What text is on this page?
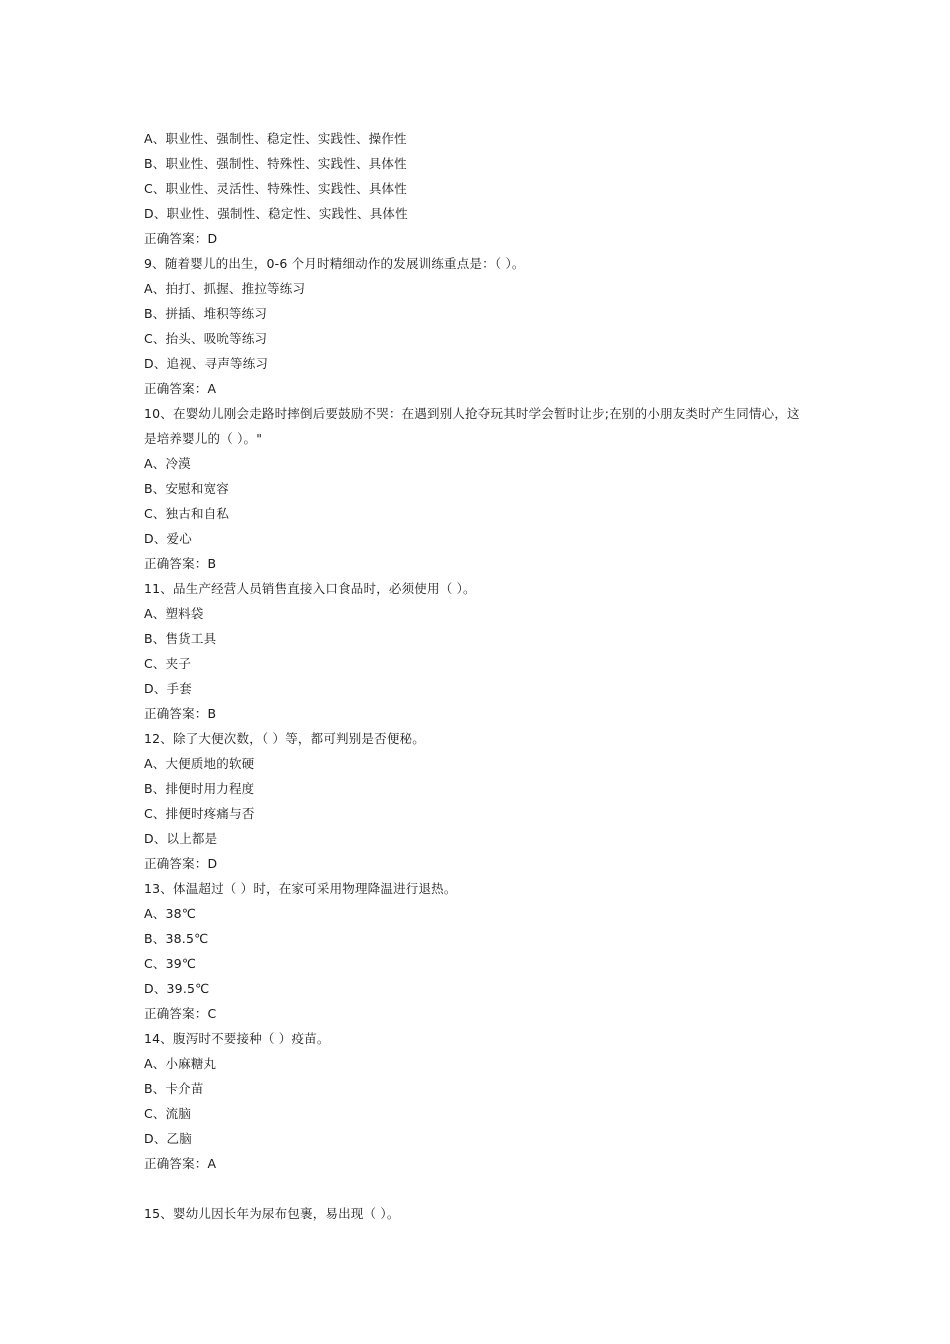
A、职业性、强制性、稳定性、实践性、操作性
B、职业性、强制性、特殊性、实践性、具体性
C、职业性、灵活性、特殊性、实践性、具体性
D、职业性、强制性、稳定性、实践性、具体性
正确答案：D
9、随着婴儿的出生，0-6 个月时精细动作的发展训练重点是：（ ）。
A、拍打、抓握、推拉等练习
B、拼插、堆积等练习
C、抬头、吸吮等练习
D、追视、寻声等练习
正确答案：A
10、在婴幼儿刚会走路时摔倒后要鼓励不哭：在遇到别人抢夺玩其时学会暂时让步;在别的小朋友类时产生同情心，这
是培养婴儿的（ ）。"
A、冷漠
B、安慰和宽容
C、独古和自私
D、爱心
正确答案：B
11、品生产经营人员销售直接入口食品时，必须使用（ ）。
A、塑料袋
B、售货工具
C、夹子
D、手套
正确答案：B
12、除了大便次数，（ ）等，都可判别是否便秘。
A、大便质地的软硬
B、排便时用力程度
C、排便时疼痛与否
D、以上都是
正确答案：D
13、体温超过（ ）时，在家可采用物理降温进行退热。
A、38℃
B、38.5℃
C、39℃
D、39.5℃
正确答案：C
14、腹泻时不要接种（ ）疫苗。
A、小麻糖丸
B、卡介苗
C、流脑
D、乙脑
正确答案：A
15、婴幼儿因长年为尿布包裹，易出现（ ）。
